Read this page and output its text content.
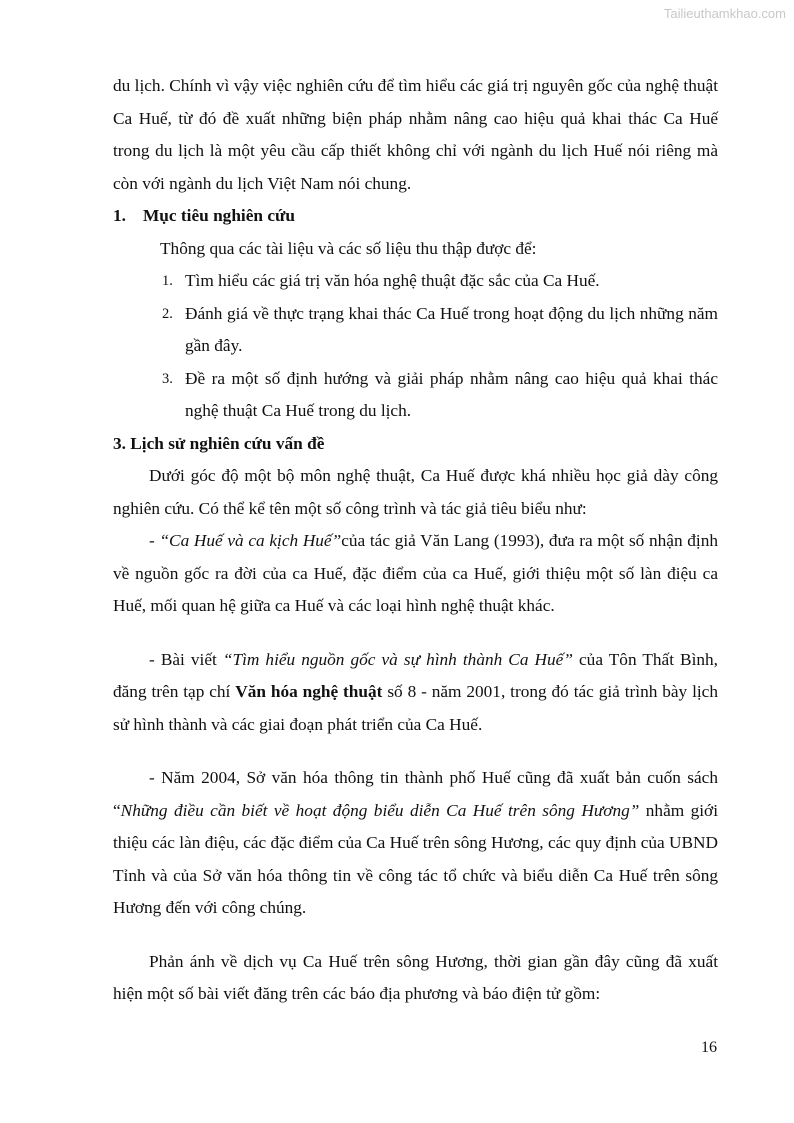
Tailieuthamkhao.com

du lịch. Chính vì vậy việc nghiên cứu để tìm hiểu các giá trị nguyên gốc của nghệ thuật Ca Huế, từ đó đề xuất những biện pháp nhằm nâng cao hiệu quả khai thác Ca Huế trong du lịch là một yêu cầu cấp thiết không chỉ với ngành du lịch Huế nói riêng mà còn với ngành du lịch Việt Nam nói chung.

1. Mục tiêu nghiên cứu

Thông qua các tài liệu và các số liệu thu thập được để:

1. Tìm hiểu các giá trị văn hóa nghệ thuật đặc sắc của Ca Huế.
2. Đánh giá về thực trạng khai thác Ca Huế trong hoạt động du lịch những năm gần đây.
3. Đề ra một số định hướng và giải pháp nhằm nâng cao hiệu quả khai thác nghệ thuật Ca Huế trong du lịch.

3. Lịch sử nghiên cứu vấn đề

Dưới góc độ một bộ môn nghệ thuật, Ca Huế được khá nhiều học giả dày công nghiên cứu. Có thể kể tên một số công trình và tác giả tiêu biểu như:

- “Ca Huế và ca kịch Huế”của tác giả Văn Lang (1993), đưa ra một số nhận định về nguồn gốc ra đời của ca Huế, đặc điểm của ca Huế, giới thiệu một số làn điệu ca Huế, mối quan hệ giữa ca Huế và các loại hình nghệ thuật khác.

- Bài viết “Tìm hiểu nguồn gốc và sự hình thành Ca Huế” của Tôn Thất Bình, đăng trên tạp chí Văn hóa nghệ thuật số 8 - năm 2001, trong đó tác giả trình bày lịch sử hình thành và các giai đoạn phát triển của Ca Huế.

- Năm 2004, Sở văn hóa thông tin thành phố Huế cũng đã xuất bản cuốn sách “Những điều cần biết về hoạt động biểu diễn Ca Huế trên sông Hương” nhằm giới thiệu các làn điệu, các đặc điểm của Ca Huế trên sông Hương, các quy định của UBND Tỉnh và của Sở văn hóa thông tin về công tác tổ chức và biểu diễn Ca Huế trên sông Hương đến với công chúng.

Phản ánh về dịch vụ Ca Huế trên sông Hương, thời gian gần đây cũng đã xuất hiện một số bài viết đăng trên các báo địa phương và báo điện tử gồm:

16
